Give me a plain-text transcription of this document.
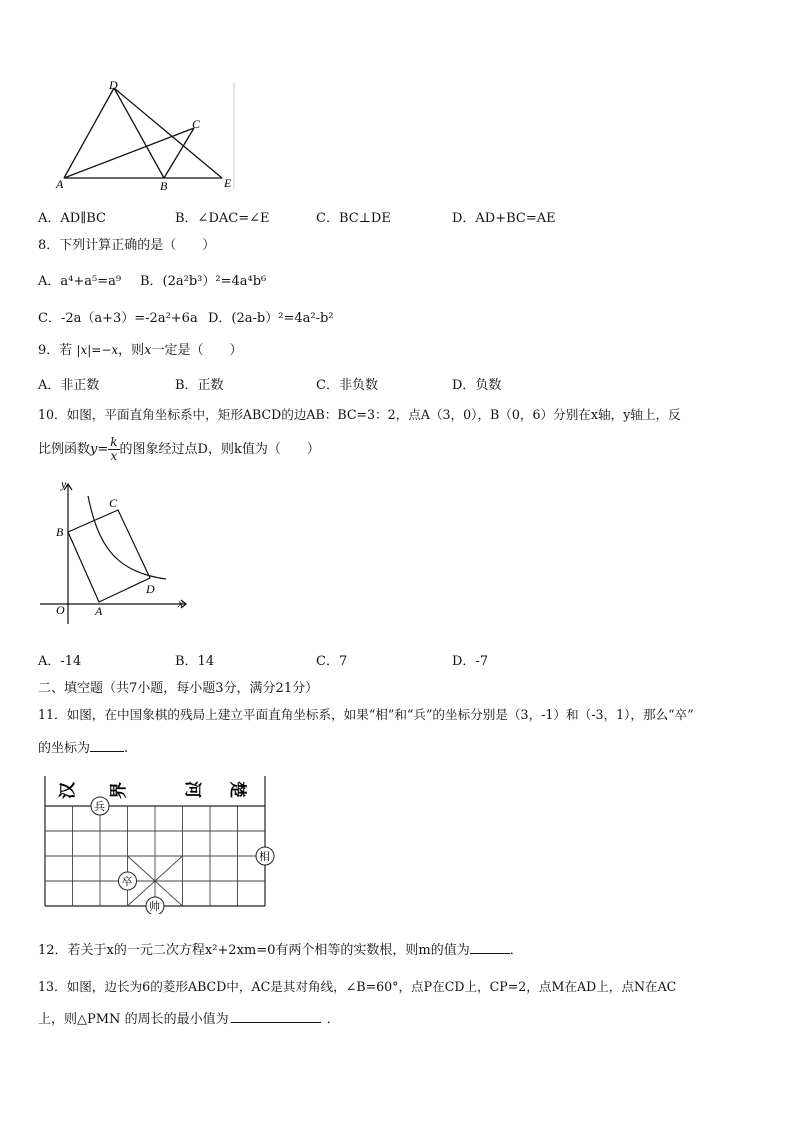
D
C
A	B	E
A．AD∥BC	B．∠DAC=∠E	C．BC⊥DE	D．AD+BC=AE
8．下列计算正确的是（　　）
A．a⁴+a⁵=a⁹ B．(2a²b³）²=4a⁴b⁶
C．-2a（a+3）=-2a²+6a D．(2a-b）²=4a²-b²
9．若 |x|=−x，则x一定是（　　）
A．非正数	B．正数	C．非负数	D．负数
10．如图，平面直角坐标系中，矩形ABCD的边AB：BC=3：2，点A（3，0），B（0，6）分别在x轴，y轴上，反
比例函数$y= \frac{k}{x}$ 的图象经过点D，则k值为（　　）
y
C
B
D
O	A
x
A．-14	B．14	C．7	D．-7
二、填空题（共7小题，每小题3分，满分21分）
11．如图，在中国象棋的残局上建立平面直角坐标系，如果“相”和“兵”的坐标分别是（3，-1）和（-3，1），那么“卒”
的坐标为	.
汉 界	河 楚
兵
相
卒
帅
12．若关于x的一元二次方程x²+2xm=0有两个相等的实数根，则m的值为	．
13．如图，边长为6的菱形ABCD中，AC是其对角线，∠B=60°，点P在CD上，CP=2，点M在AD上，点N在AC
上，则△PMN 的周长的最小值为	．
